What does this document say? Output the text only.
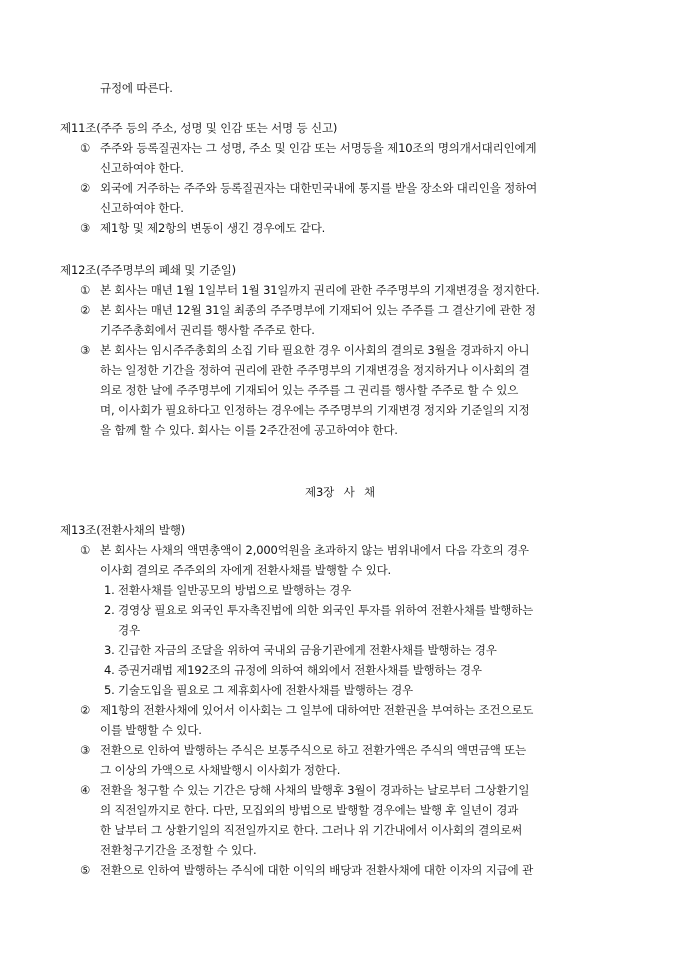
규정에 따른다.
제11조(주주 등의 주소, 성명 및 인감 또는 서명 등 신고)
① 주주와 등록질권자는 그 성명, 주소 및 인감 또는 서명등을 제10조의 명의개서대리인에게
신고하여야 한다.
② 외국에 거주하는 주주와 등록질권자는 대한민국내에 통지를 받을 장소와 대리인을 정하여
신고하여야 한다.
③ 제1항 및 제2항의 변동이 생긴 경우에도 같다.
제12조(주주명부의 폐쇄 및 기준일)
① 본 회사는 매년 1월 1일부터 1월 31일까지 권리에 관한 주주명부의 기재변경을 정지한다.
② 본 회사는 매년 12월 31일 최종의 주주명부에 기재되어 있는 주주를 그 결산기에 관한 정
기주주총회에서 권리를 행사할 주주로 한다.
③ 본 회사는 임시주주총회의 소집 기타 필요한 경우 이사회의 결의로 3월을 경과하지 아니
하는 일정한 기간을 정하여 권리에 관한 주주명부의 기재변경을 정지하거나 이사회의 결
의로 정한 날에 주주명부에 기재되어 있는 주주를 그 권리를 행사할 주주로 할 수 있으
며, 이사회가 필요하다고 인정하는 경우에는 주주명부의 기재변경 정지와 기준일의 지정
을 함께 할 수 있다. 회사는 이를 2주간전에 공고하여야 한다.
제3장 사 채
제13조(전환사채의 발행)
① 본 회사는 사채의 액면총액이 2,000억원을 초과하지 않는 범위내에서 다음 각호의 경우
이사회 결의로 주주외의 자에게 전환사채를 발행할 수 있다.
1. 전환사채를 일반공모의 방법으로 발행하는 경우
2. 경영상 필요로 외국인 투자촉진법에 의한 외국인 투자를 위하여 전환사채를 발행하는
경우
3. 긴급한 자금의 조달을 위하여 국내외 금융기관에게 전환사채를 발행하는 경우
4. 증권거래법 제192조의 규정에 의하여 해외에서 전환사채를 발행하는 경우
5. 기술도입을 필요로 그 제휴회사에 전환사채를 발행하는 경우
② 제1항의 전환사채에 있어서 이사회는 그 일부에 대하여만 전환권을 부여하는 조건으로도
이를 발행할 수 있다.
③ 전환으로 인하여 발행하는 주식은 보통주식으로 하고 전환가액은 주식의 액면금액 또는
그 이상의 가액으로 사채발행시 이사회가 정한다.
④ 전환을 청구할 수 있는 기간은 당해 사채의 발행후 3월이 경과하는 날로부터 그상환기일
의 직전일까지로 한다. 다만, 모집외의 방법으로 발행할 경우에는 발행 후 일년이 경과
한 날부터 그 상환기일의 직전일까지로 한다. 그러나 위 기간내에서 이사회의 결의로써
전환청구기간을 조정할 수 있다.
⑤ 전환으로 인하여 발행하는 주식에 대한 이익의 배당과 전환사채에 대한 이자의 지급에 관
